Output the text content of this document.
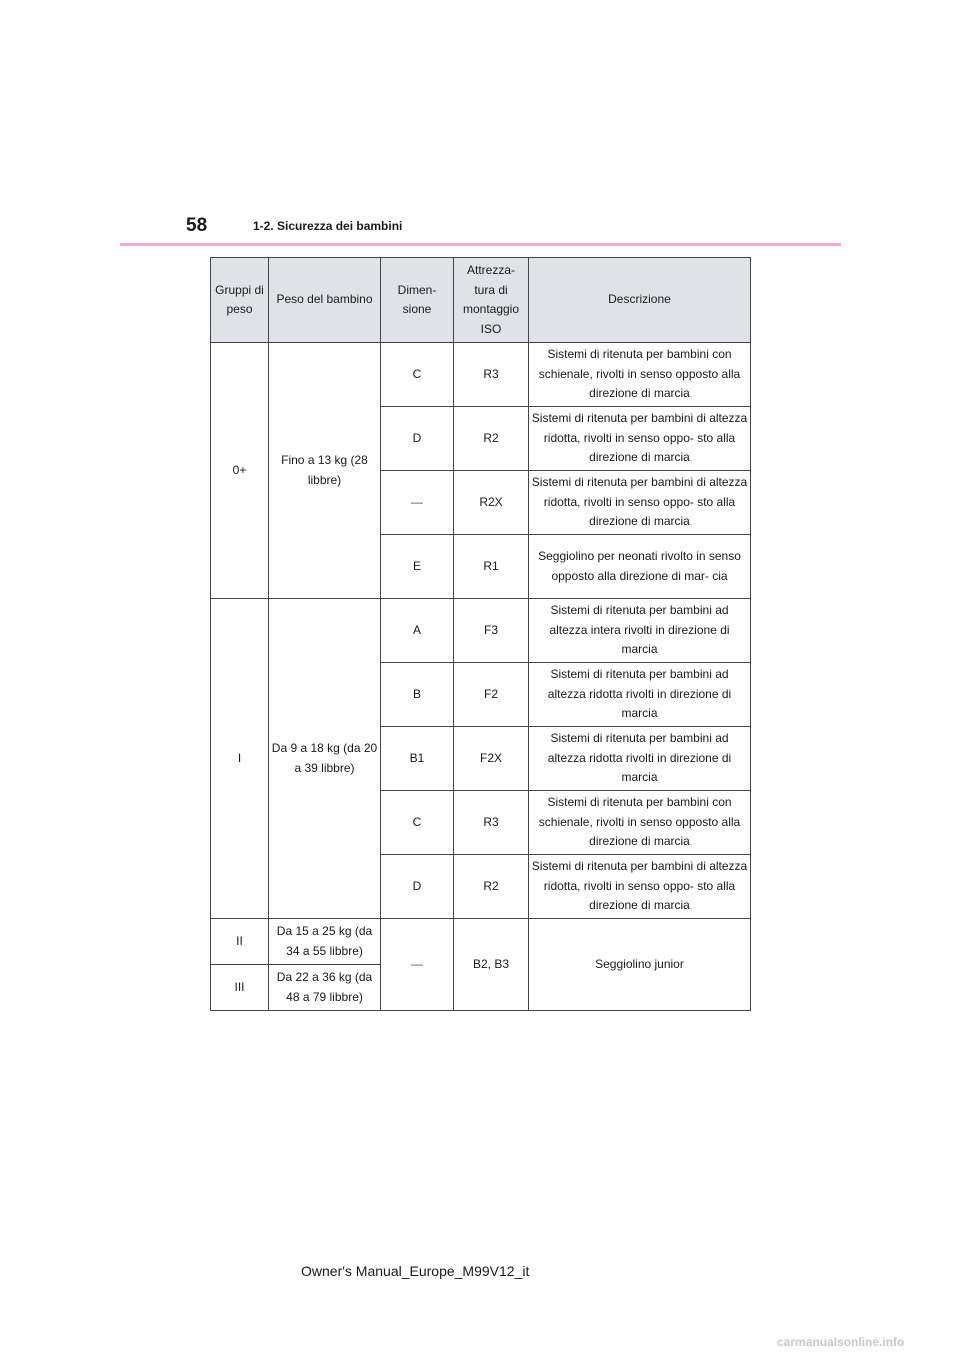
58	1-2. Sicurezza dei bambini
Gruppi di peso	Peso del bambino	Dimen- sione	Attrezza- tura di montaggio ISO	Descrizione
0+	Fino a 13 kg (28 libbre)	C	R3	Sistemi di ritenuta per bambini con schienale, rivolti in senso opposto alla direzione di marcia
		D	R2	Sistemi di ritenuta per bambini di altezza ridotta, rivolti in senso oppo- sto alla direzione di marcia
		—	R2X	Sistemi di ritenuta per bambini di altezza ridotta, rivolti in senso oppo- sto alla direzione di marcia
		E	R1	Seggiolino per neonati rivolto in senso opposto alla direzione di mar- cia
I	Da 9 a 18 kg (da 20 a 39 libbre)	A	F3	Sistemi di ritenuta per bambini ad altezza intera rivolti in direzione di marcia
		B	F2	Sistemi di ritenuta per bambini ad altezza ridotta rivolti in direzione di marcia
		B1	F2X	Sistemi di ritenuta per bambini ad altezza ridotta rivolti in direzione di marcia
		C	R3	Sistemi di ritenuta per bambini con schienale, rivolti in senso opposto alla direzione di marcia
		D	R2	Sistemi di ritenuta per bambini di altezza ridotta, rivolti in senso oppo- sto alla direzione di marcia
II	Da 15 a 25 kg (da 34 a 55 libbre)	—	B2, B3	Seggiolino junior
III	Da 22 a 36 kg (da 48 a 79 libbre)			
Owner's Manual_Europe_M99V12_it
carmanualsonline.info
